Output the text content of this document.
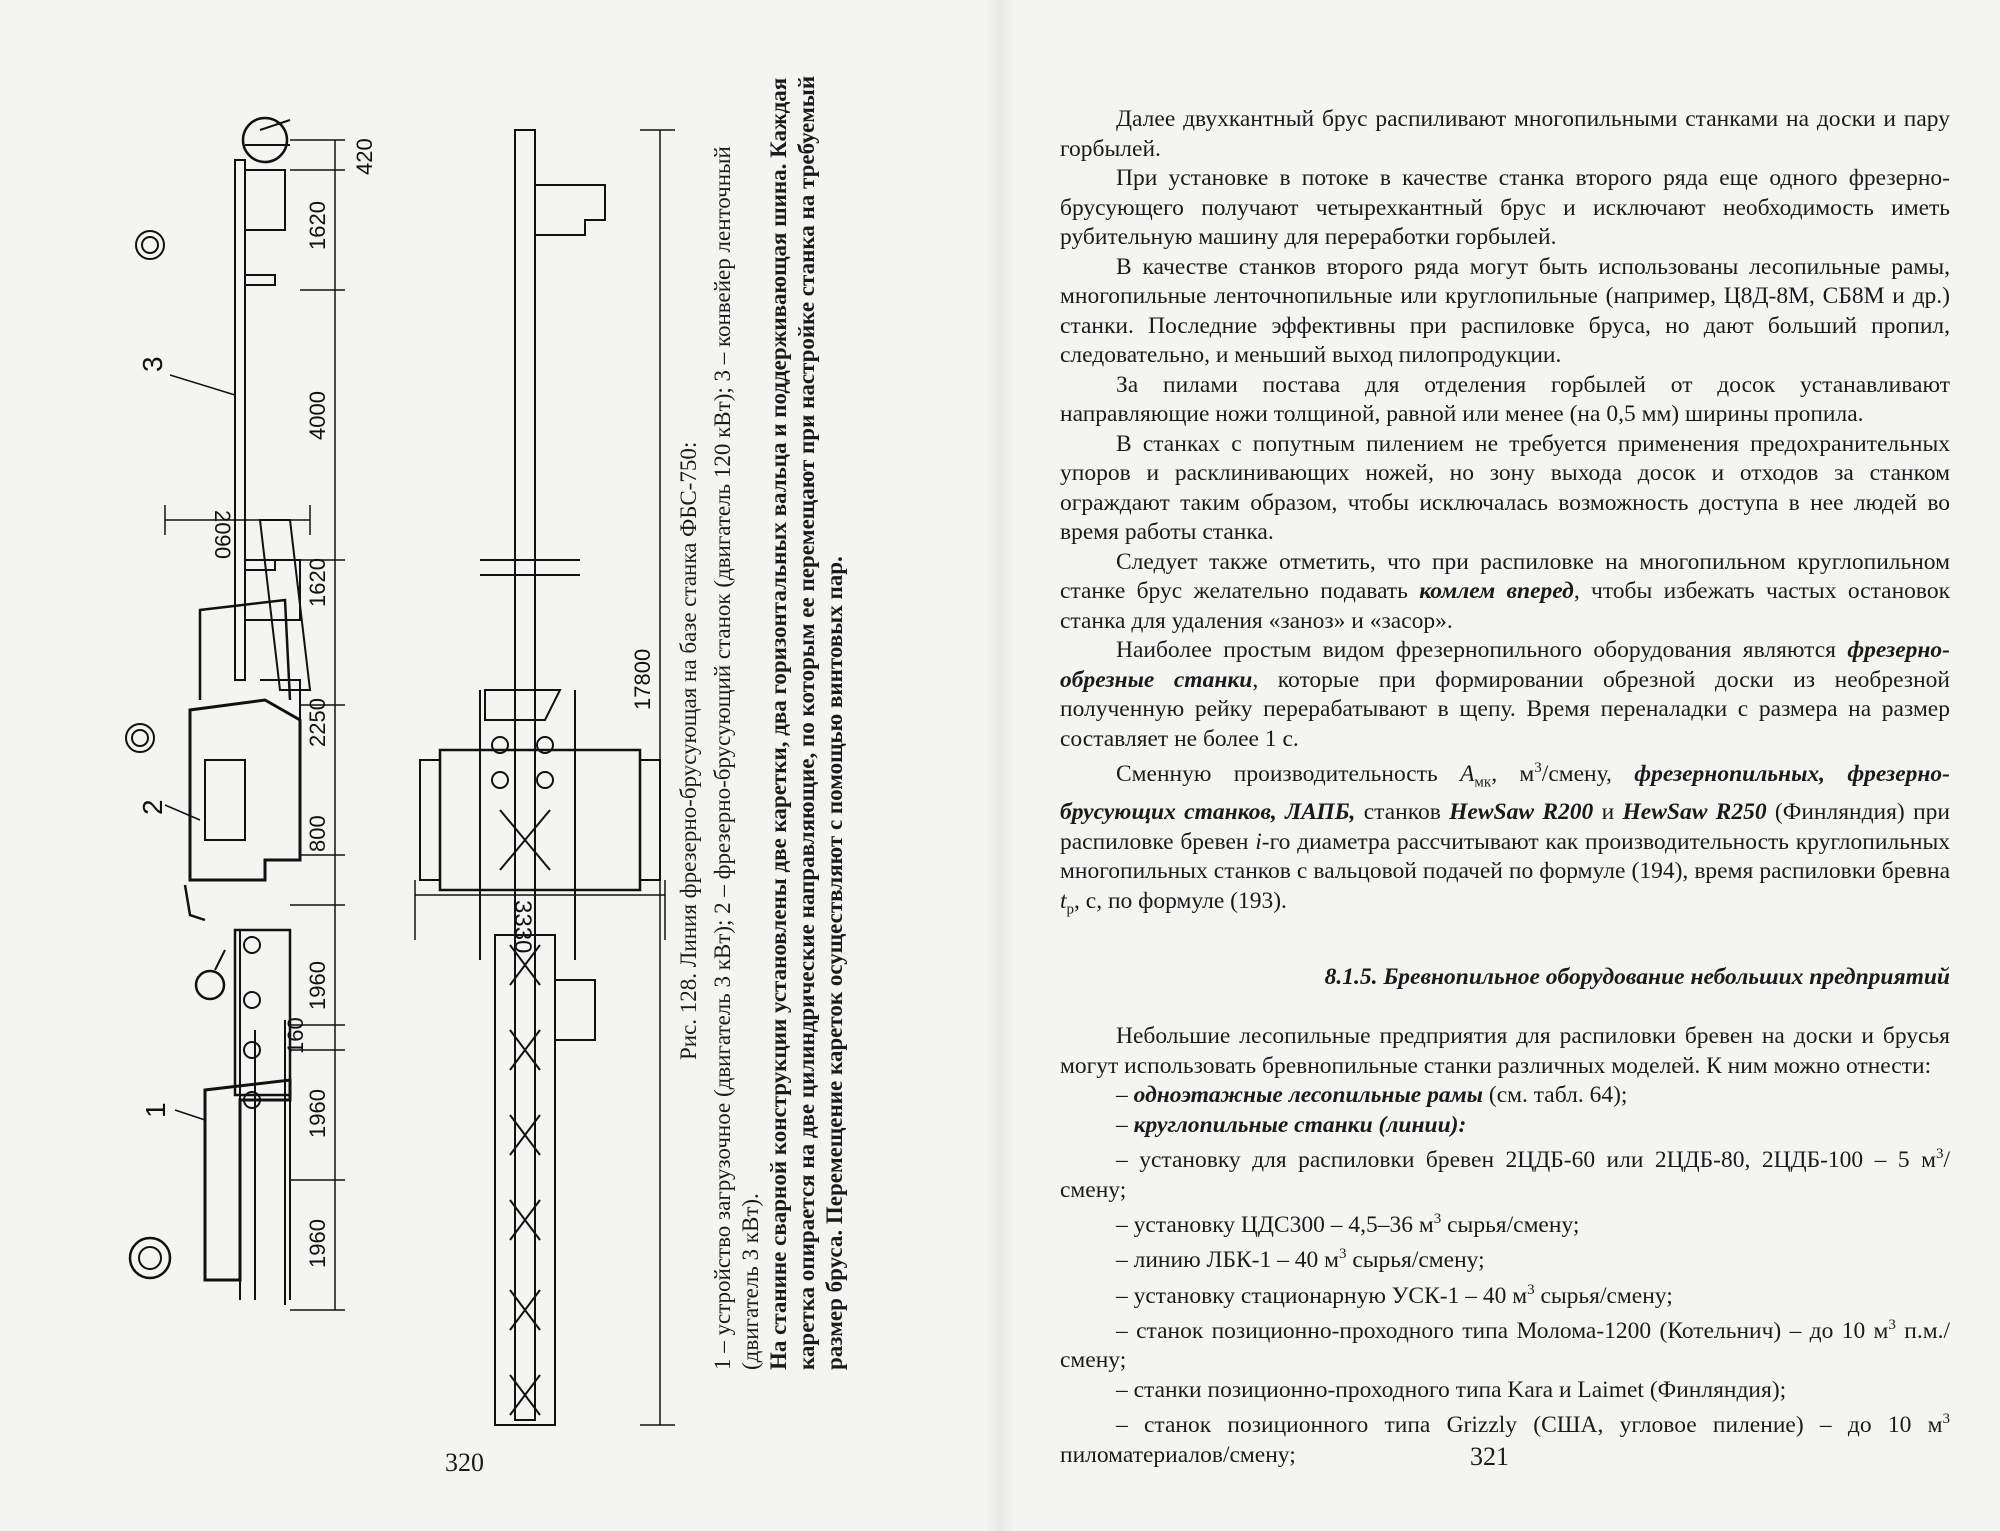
1
2
3
1960
1960
160
1960
800
2250
1620
2090
4000
1620
420
17800
3330	Рис. 128. Линия фрезерно-брусующая на базе станка ФБС-750: 1 – устройство загрузочное (двигатель 3 кВт); 2 – фрезерно-брусующий станок (двигатель 120 кВт); 3 – конвейер ленточный (двигатель 3 кВт). На станине сварной конструкции установлены две каретки, два горизонтальных вальца и поддерживающая шина. Каждая каретка опирается на две цилиндрические направляющие, по которым ее перемещают при настройке станка на требуемый размер бруса. Перемещение кареток осуществляют с помощью винтовых пар.

320	321

Далее двухкантный брус распиливают многопильными станками на доски и пару горбылей.

При установке в потоке в качестве станка второго ряда еще одного фрезерно-брусующего получают четырехкантный брус и исключают необходимость иметь рубительную машину для переработки горбылей.

В качестве станков второго ряда могут быть использованы лесопильные рамы, многопильные ленточнопильные или круглопильные (например, Ц8Д-8М, СБ8М и др.) станки. Последние эффективны при распиловке бруса, но дают больший пропил, следовательно, и меньший выход пилопродукции.

За пилами постава для отделения горбылей от досок устанавливают направляющие ножи толщиной, равной или менее (на 0,5 мм) ширины пропила.

В станках с попутным пилением не требуется применения предохранительных упоров и расклинивающих ножей, но зону выхода досок и отходов за станком ограждают таким образом, чтобы исключалась возможность доступа в нее людей во время работы станка.

Следует также отметить, что при распиловке на многопильном круглопильном станке брус желательно подавать комлем вперед, чтобы избежать частых остановок станка для удаления «заноз» и «засор».

Наиболее простым видом фрезернопильного оборудования являются фрезерно-обрезные станки, которые при формировании обрезной доски из необрезной полученную рейку перерабатывают в щепу. Время переналадки с размера на размер составляет не более 1 с.

Сменную производительность $А_{мк}$, $м^3$/смену, фрезернопильных, фрезерно-брусующих станков, ЛАПБ, станков HewSaw R200 и HewSaw R250 (Финляндия) при распиловке бревен i-го диаметра рассчитывают как производительность круглопильных многопильных станков с вальцовой подачей по формуле (194), время распиловки бревна $t_р$, с, по формуле (193).

8.1.5. Бревнопильное оборудование небольших предприятий

Небольшие лесопильные предприятия для распиловки бревен на доски и брусья могут использовать бревнопильные станки различных моделей. К ним можно отнести:

– одноэтажные лесопильные рамы (см. табл. 64);

– круглопильные станки (линии):

– установку для распиловки бревен 2ЦДБ-60 или 2ЦДБ-80, 2ЦДБ-100 – 5 $м^3$/смену;

– установку ЦДС300 – 4,5–36 $м^3$ сырья/смену;

– линию ЛБК-1 – 40 $м^3$ сырья/смену;

– установку стационарную УСК-1 – 40 $м^3$ сырья/смену;

– станок позиционно-проходного типа Молома-1200 (Котельнич) – до 10 $м^3$ п.м./смену;

– станки позиционно-проходного типа Kara и Laimet (Финляндия);

– станок позиционного типа Grizzly (США, угловое пиление) – до 10 $м^3$ пиломатериалов/смену;
